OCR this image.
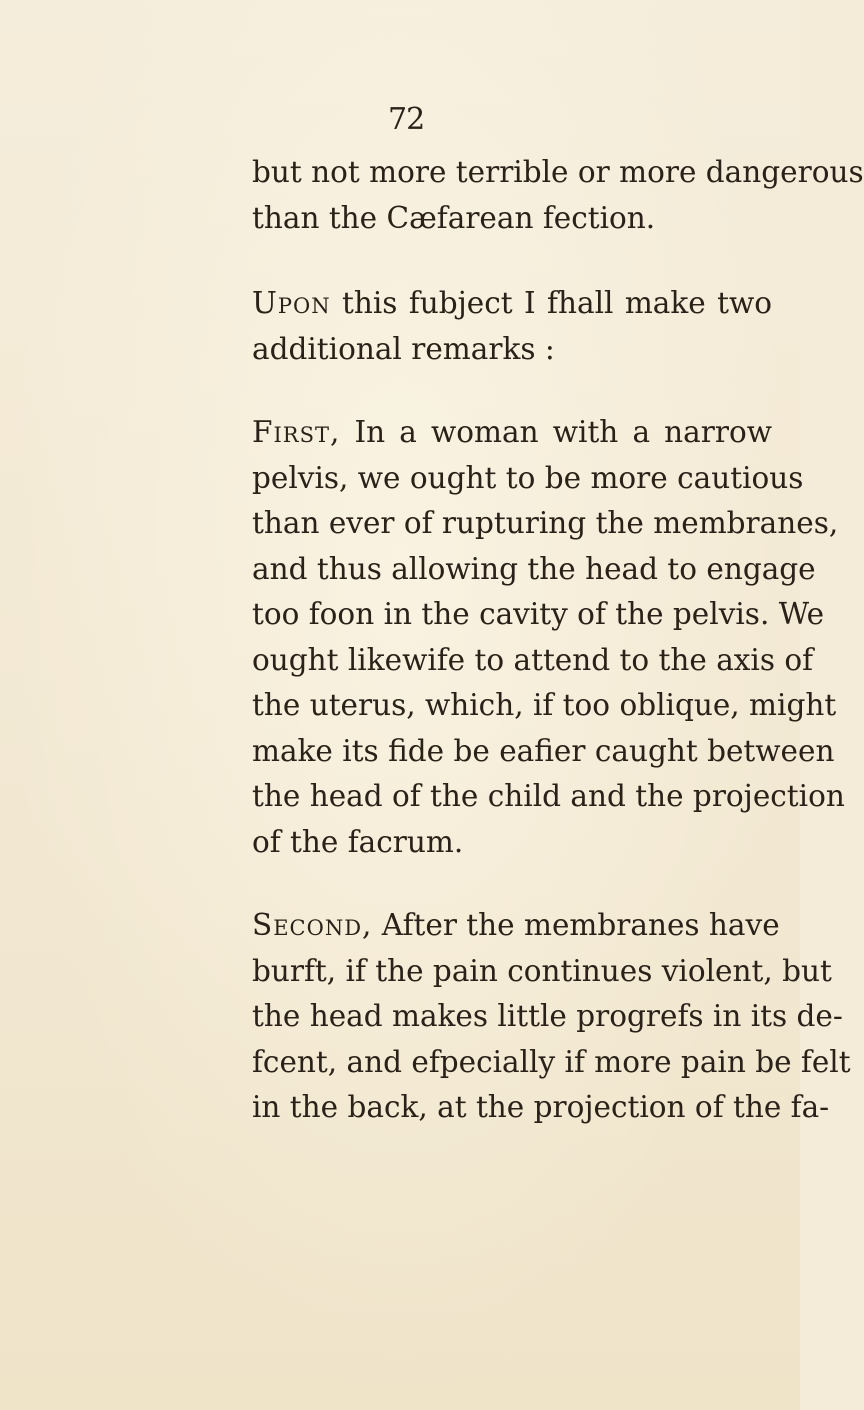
72
but not more terrible or more dangerous
than the Cæfarean fection.
Upon this fubject I fhall make two
additional remarks :
First, In a woman with a narrow
pelvis, we ought to be more cautious
than ever of rupturing the membranes,
and thus allowing the head to engage
too foon in the cavity of the pelvis. We
ought likewife to attend to the axis of
the uterus, which, if too oblique, might
make its fide be eafier caught between
the head of the child and the projection
of the facrum.
Second, After the membranes have
burft, if the pain continues violent, but
the head makes little progrefs in its de-
fcent, and efpecially if more pain be felt
in the back, at the projection of the fa-
